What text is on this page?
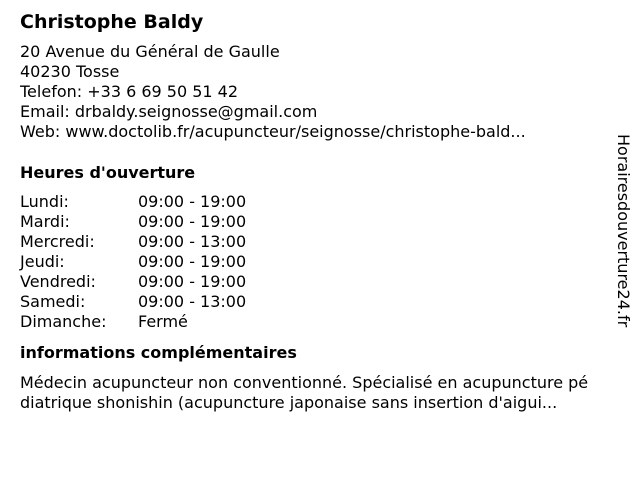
Christophe Baldy
20 Avenue du Général de Gaulle
40230 Tosse
Telefon: +33 6 69 50 51 42
Email: drbaldy.seignosse@gmail.com
Web: www.doctolib.fr/acupuncteur/seignosse/christophe-bald...
Heures d'ouverture
Lundi:	09:00 - 19:00
Mardi:	09:00 - 19:00
Mercredi:	09:00 - 13:00
Jeudi:	09:00 - 19:00
Vendredi:	09:00 - 19:00
Samedi:	09:00 - 13:00
Dimanche: Fermé
informations complémentaires
Médecin acupuncteur non conventionné. Spécialisé en acupuncture pé
diatrique shonishin (acupuncture japonaise sans insertion d'aigui...
Horairesdouverture24.fr
